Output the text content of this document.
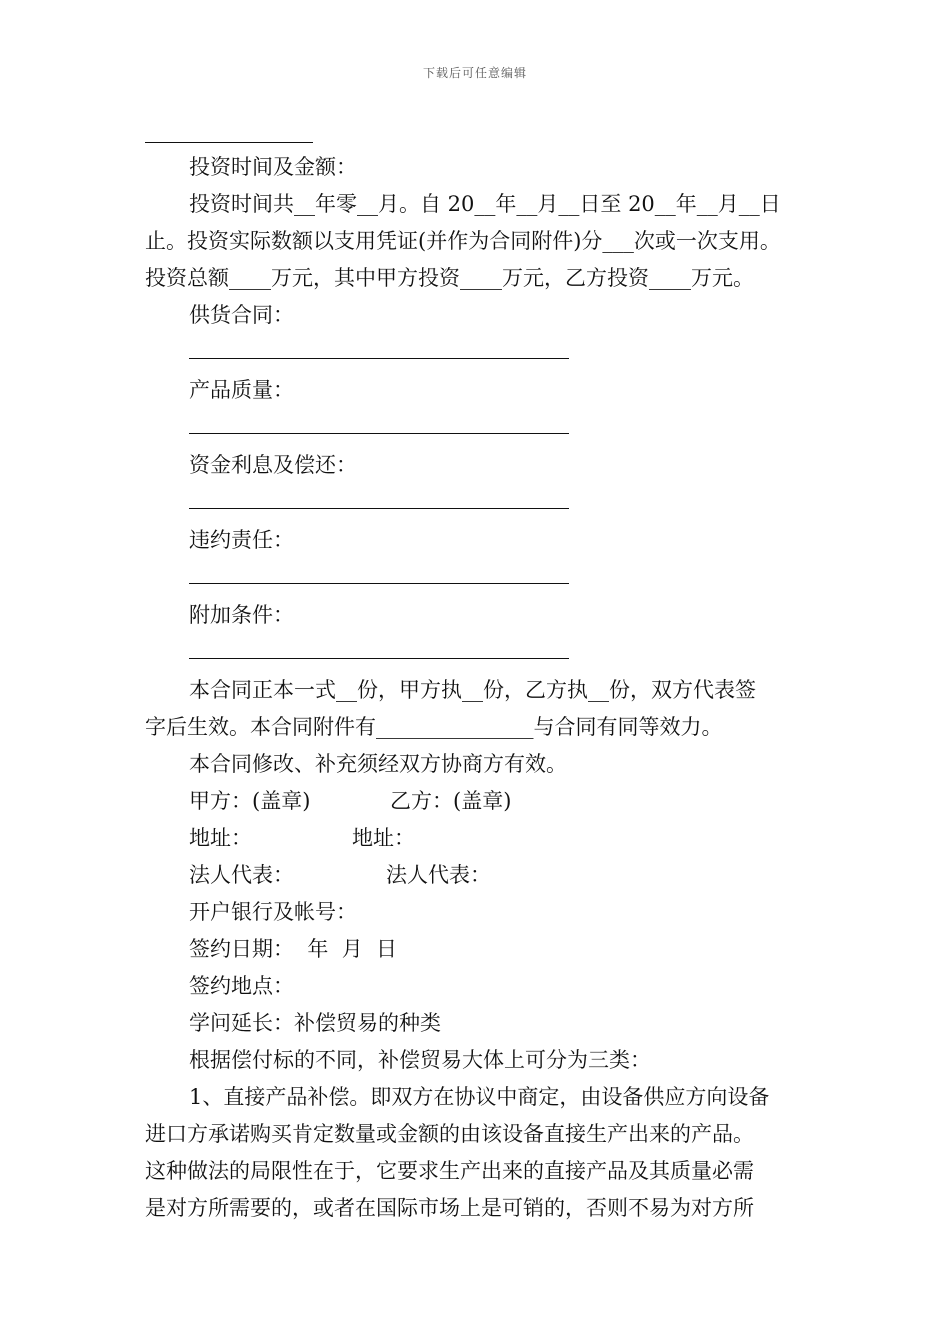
下载后可任意编辑

投资时间及金额：

投资时间共__年零__月。自 20__年__月__日至 20__年__月__日

止。投资实际数额以支用凭证(并作为合同附件)分___次或一次支用。

投资总额____万元，其中甲方投资____万元，乙方投资____万元。

供货合同：

产品质量：

资金利息及偿还：

违约责任：

附加条件：

本合同正本一式__份，甲方执__份，乙方执__份，双方代表签

字后生效。本合同附件有_______________与合同有同等效力。

本合同修改、补充须经双方协商方有效。

甲方：(盖章)	乙方：(盖章)
地址：	地址：
法人代表：	法人代表：

开户银行及帐号：

签约日期：  年  月  日

签约地点：

学问延长：补偿贸易的种类

根据偿付标的不同，补偿贸易大体上可分为三类：

1、直接产品补偿。即双方在协议中商定，由设备供应方向设备

进口方承诺购买肯定数量或金额的由该设备直接生产出来的产品。

这种做法的局限性在于，它要求生产出来的直接产品及其质量必需

是对方所需要的，或者在国际市场上是可销的，否则不易为对方所
